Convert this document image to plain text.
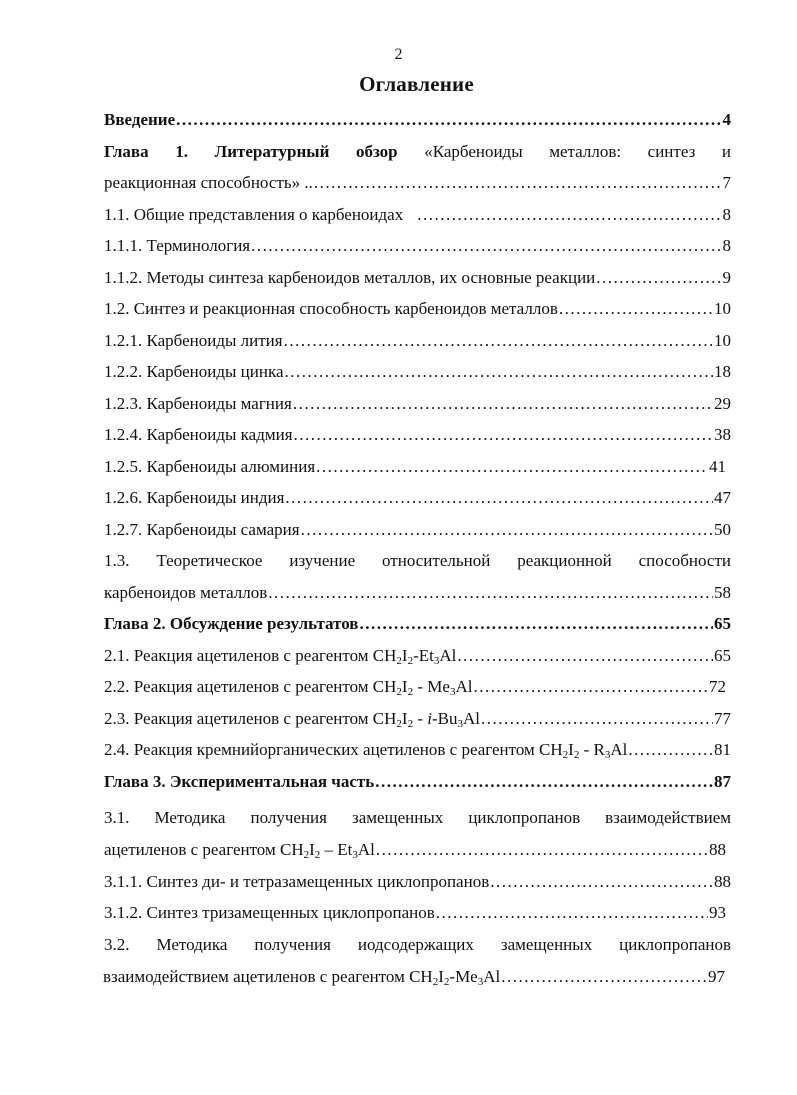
2
Оглавление
Введение .....	4
Глава 1. Литературный обзор «Карбеноиды металлов: синтез и
реакционная способность» .. .....	7
1.1. Общие представления о карбеноидах .....	8
1.1.1. Терминология .....	8
1.1.2. Методы синтеза карбеноидов металлов, их основные реакции .....	9
1.2. Синтез и реакционная способность карбеноидов металлов .....	10
1.2.1. Карбеноиды лития .....	10
1.2.2. Карбеноиды цинка .....	18
1.2.3. Карбеноиды магния .....	29
1.2.4. Карбеноиды кадмия .....	38
1.2.5. Карбеноиды алюминия .....	41
1.2.6. Карбеноиды индия .....	47
1.2.7. Карбеноиды самария .....	50
1.3. Теоретическое изучение относительной реакционной способности
карбеноидов металлов .....	58
Глава 2. Обсуждение результатов .....	65
2.1. Реакция ацетиленов с реагентом $CH_2I_2-Et_3Al$ .....	65
2.2. Реакция ацетиленов с реагентом $CH_2I_2 - Me_3Al$ .....	72
2.3. Реакция ацетиленов с реагентом $CH_2I_2 - i-Bu_3Al$ .....	77
2.4. Реакция кремнийорганических ацетиленов с реагентом $CH_2I_2 - R_3Al$ .....	81
Глава 3. Экспериментальная часть .....	87
3.1. Методика получения замещенных циклопропанов взаимодействием
ацетиленов с реагентом $CH_2I_2 - Et_3Al$ .....	88
3.1.1. Синтез ди- и тетразамещенных циклопропанов .....	88
3.1.2. Синтез тризамещенных циклопропанов .....	93
3.2. Методика получения иодсодержащих замещенных циклопропанов
взаимодействием ацетиленов с реагентом $CH_2I_2-Me_3Al$ .....	97
